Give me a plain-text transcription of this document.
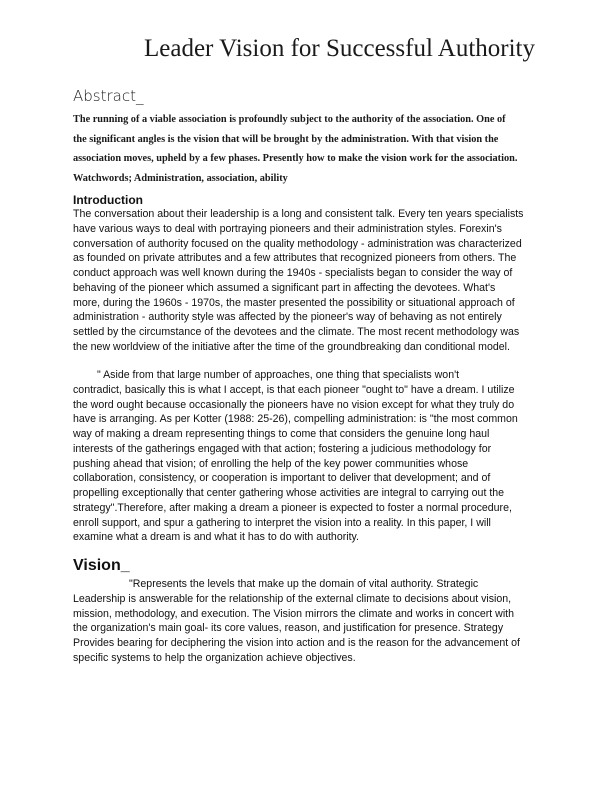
Leader Vision for Successful Authority
Abstract_
The running of a viable association is profoundly subject to the authority of the association. One of
the significant angles is the vision that will be brought by the administration. With that vision the
association moves, upheld by a few phases. Presently how to make the vision work for the association.
Watchwords; Administration, association, ability
Introduction
The conversation about their leadership is a long and consistent talk. Every ten years specialists
have various ways to deal with portraying pioneers and their administration styles. Forexin's
conversation of authority focused on the quality methodology - administration was characterized
as founded on private attributes and a few attributes that recognized pioneers from others. The
conduct approach was well known during the 1940s - specialists began to consider the way of
behaving of the pioneer which assumed a significant part in affecting the devotees. What's
more, during the 1960s - 1970s, the master presented the possibility or situational approach of
administration - authority style was affected by the pioneer's way of behaving as not entirely
settled by the circumstance of the devotees and the climate. The most recent methodology was
the new worldview of the initiative after the time of the groundbreaking dan conditional model.
" Aside from that large number of approaches, one thing that specialists won't
contradict, basically this is what I accept, is that each pioneer "ought to" have a dream. I utilize
the word ought because occasionally the pioneers have no vision except for what they truly do
have is arranging. As per Kotter (1988: 25-26), compelling administration: is "the most common
way of making a dream representing things to come that considers the genuine long haul
interests of the gatherings engaged with that action; fostering a judicious methodology for
pushing ahead that vision; of enrolling the help of the key power communities whose
collaboration, consistency, or cooperation is important to deliver that development; and of
propelling exceptionally that center gathering whose activities are integral to carrying out the
strategy".Therefore, after making a dream a pioneer is expected to foster a normal procedure,
enroll support, and spur a gathering to interpret the vision into a reality. In this paper, I will
examine what a dream is and what it has to do with authority.
Vision_
"Represents the levels that make up the domain of vital authority. Strategic
Leadership is answerable for the relationship of the external climate to decisions about vision,
mission, methodology, and execution. The Vision mirrors the climate and works in concert with
the organization's main goal- its core values, reason, and justification for presence. Strategy
Provides bearing for deciphering the vision into action and is the reason for the advancement of
specific systems to help the organization achieve objectives.
